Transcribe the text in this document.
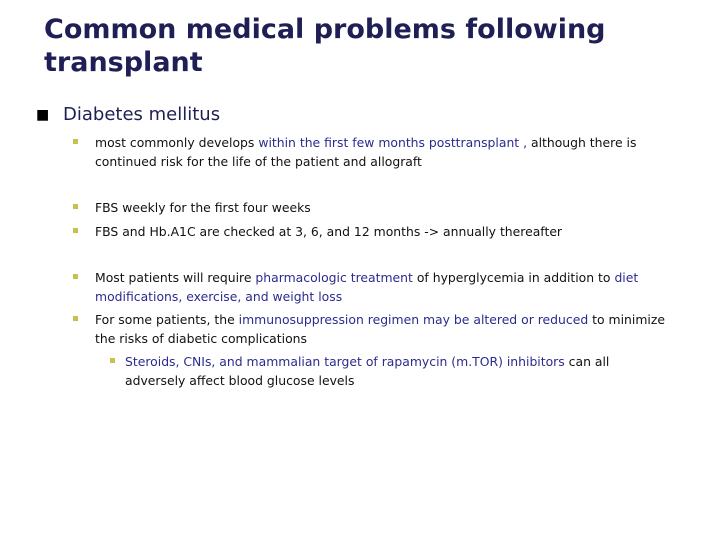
Common medical problems following transplant
■ Diabetes mellitus
most commonly develops within the first few months posttransplant , although there is continued risk for the life of the patient and allograft
FBS weekly for the first four weeks
FBS and Hb.A1C are checked at 3, 6, and 12 months -> annually thereafter
Most patients will require pharmacologic treatment of hyperglycemia in addition to diet modifications, exercise, and weight loss
For some patients, the immunosuppression regimen may be altered or reduced to minimize the risks of diabetic complications
Steroids, CNIs, and mammalian target of rapamycin (m.TOR) inhibitors can all adversely affect blood glucose levels
